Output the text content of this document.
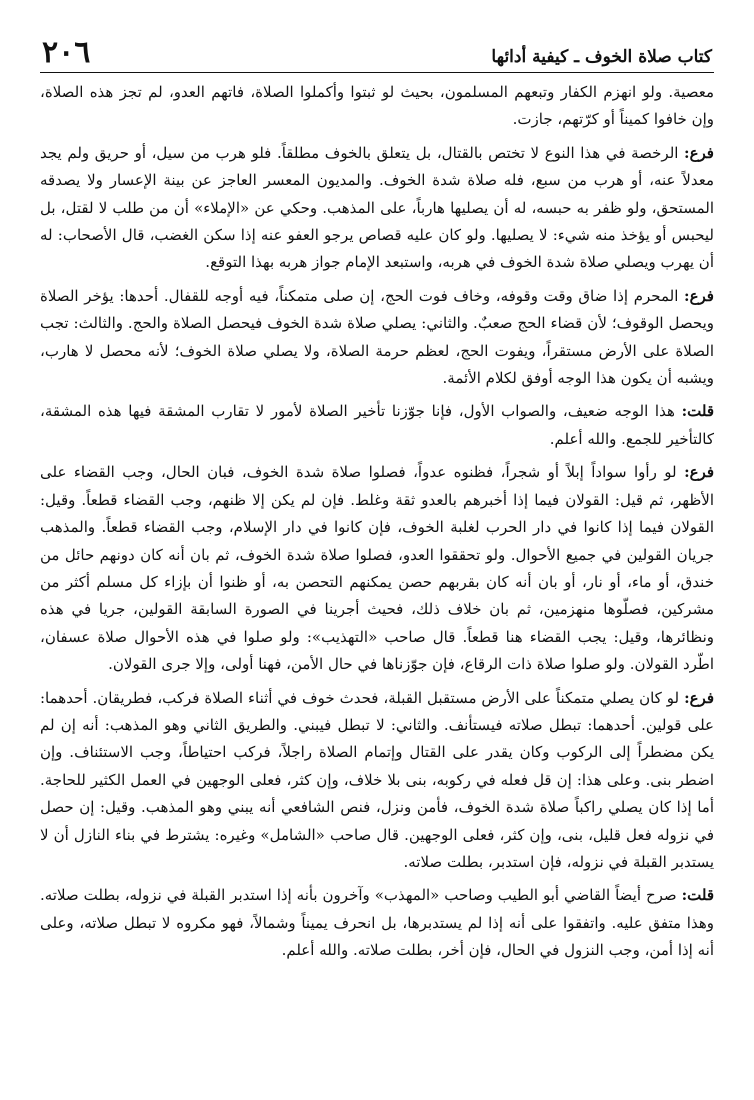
كتاب صلاة الخوف ـ كيفية أدائها
٢٠٦

معصية. ولو انهزم الكفار وتبعهم المسلمون، بحيث لو ثبتوا وأكملوا الصلاة، فاتهم العدو، لم تجز هذه الصلاة، وإن خافوا كميناً أو كرّتهم، جازت.

فرع: الرخصة في هذا النوع لا تختص بالقتال، بل يتعلق بالخوف مطلقاً. فلو هرب من سيل، أو حريق ولم يجد معدلاً عنه، أو هرب من سبع، فله صلاة شدة الخوف. والمديون المعسر العاجز عن بينة الإعسار ولا يصدقه المستحق، ولو ظفر به حبسه، له أن يصليها هارباً، على المذهب. وحكي عن «الإملاء» أن من طلب لا لقتل، بل ليحبس أو يؤخذ منه شيء: لا يصليها. ولو كان عليه قصاص يرجو العفو عنه إذا سكن الغضب، قال الأصحاب: له أن يهرب ويصلي صلاة شدة الخوف في هربه، واستبعد الإمام جواز هربه بهذا التوقع.

فرع: المحرم إذا ضاق وقت وقوفه، وخاف فوت الحج، إن صلى متمكناً، فيه أوجه للقفال. أحدها: يؤخر الصلاة ويحصل الوقوف؛ لأن قضاء الحج صعبٌ. والثاني: يصلي صلاة شدة الخوف فيحصل الصلاة والحج. والثالث: تجب الصلاة على الأرض مستقراً، ويفوت الحج، لعظم حرمة الصلاة، ولا يصلي صلاة الخوف؛ لأنه محصل لا هارب، ويشبه أن يكون هذا الوجه أوفق لكلام الأئمة.

قلت: هذا الوجه ضعيف، والصواب الأول، فإنا جوّزنا تأخير الصلاة لأمور لا تقارب المشقة فيها هذه المشقة، كالتأخير للجمع. والله أعلم.

فرع: لو رأوا سواداً إبلاً أو شجراً، فظنوه عدواً، فصلوا صلاة شدة الخوف، فبان الحال، وجب القضاء على الأظهر، ثم قيل: القولان فيما إذا أخبرهم بالعدو ثقة وغلط. فإن لم يكن إلا ظنهم، وجب القضاء قطعاً. وقيل: القولان فيما إذا كانوا في دار الحرب لغلبة الخوف، فإن كانوا في دار الإسلام، وجب القضاء قطعاً. والمذهب جريان القولين في جميع الأحوال. ولو تحققوا العدو، فصلوا صلاة شدة الخوف، ثم بان أنه كان دونهم حائل من خندق، أو ماء، أو نار، أو بان أنه كان بقربهم حصن يمكنهم التحصن به، أو ظنوا أن بإزاء كل مسلم أكثر من مشركين، فصلّوها منهزمين، ثم بان خلاف ذلك، فحيث أجرينا في الصورة السابقة القولين، جريا في هذه ونظائرها، وقيل: يجب القضاء هنا قطعاً. قال صاحب «التهذيب»: ولو صلوا في هذه الأحوال صلاة عسفان، اطّرد القولان. ولو صلوا صلاة ذات الرقاع، فإن جوّزناها في حال الأمن، فهنا أولى، وإلا جرى القولان.

فرع: لو كان يصلي متمكناً على الأرض مستقبل القبلة، فحدث خوف في أثناء الصلاة فركب، فطريقان. أحدهما: على قولين. أحدهما: تبطل صلاته فيستأنف. والثاني: لا تبطل فيبني. والطريق الثاني وهو المذهب: أنه إن لم يكن مضطراً إلى الركوب وكان يقدر على القتال وإتمام الصلاة راجلاً، فركب احتياطاً، وجب الاستئناف. وإن اضطر بنى. وعلى هذا: إن قل فعله في ركوبه، بنى بلا خلاف، وإن كثر، فعلى الوجهين في العمل الكثير للحاجة. أما إذا كان يصلي راكباً صلاة شدة الخوف، فأمن ونزل، فنص الشافعي أنه يبني وهو المذهب. وقيل: إن حصل في نزوله فعل قليل، بنى، وإن كثر، فعلى الوجهين. قال صاحب «الشامل» وغيره: يشترط في بناء النازل أن لا يستدبر القبلة في نزوله، فإن استدبر، بطلت صلاته.

قلت: صرح أيضاً القاضي أبو الطيب وصاحب «المهذب» وآخرون بأنه إذا استدبر القبلة في نزوله، بطلت صلاته. وهذا متفق عليه. واتفقوا على أنه إذا لم يستدبرها، بل انحرف يميناً وشمالاً، فهو مكروه لا تبطل صلاته، وعلى أنه إذا أمن، وجب النزول في الحال، فإن أخر، بطلت صلاته. والله أعلم.
